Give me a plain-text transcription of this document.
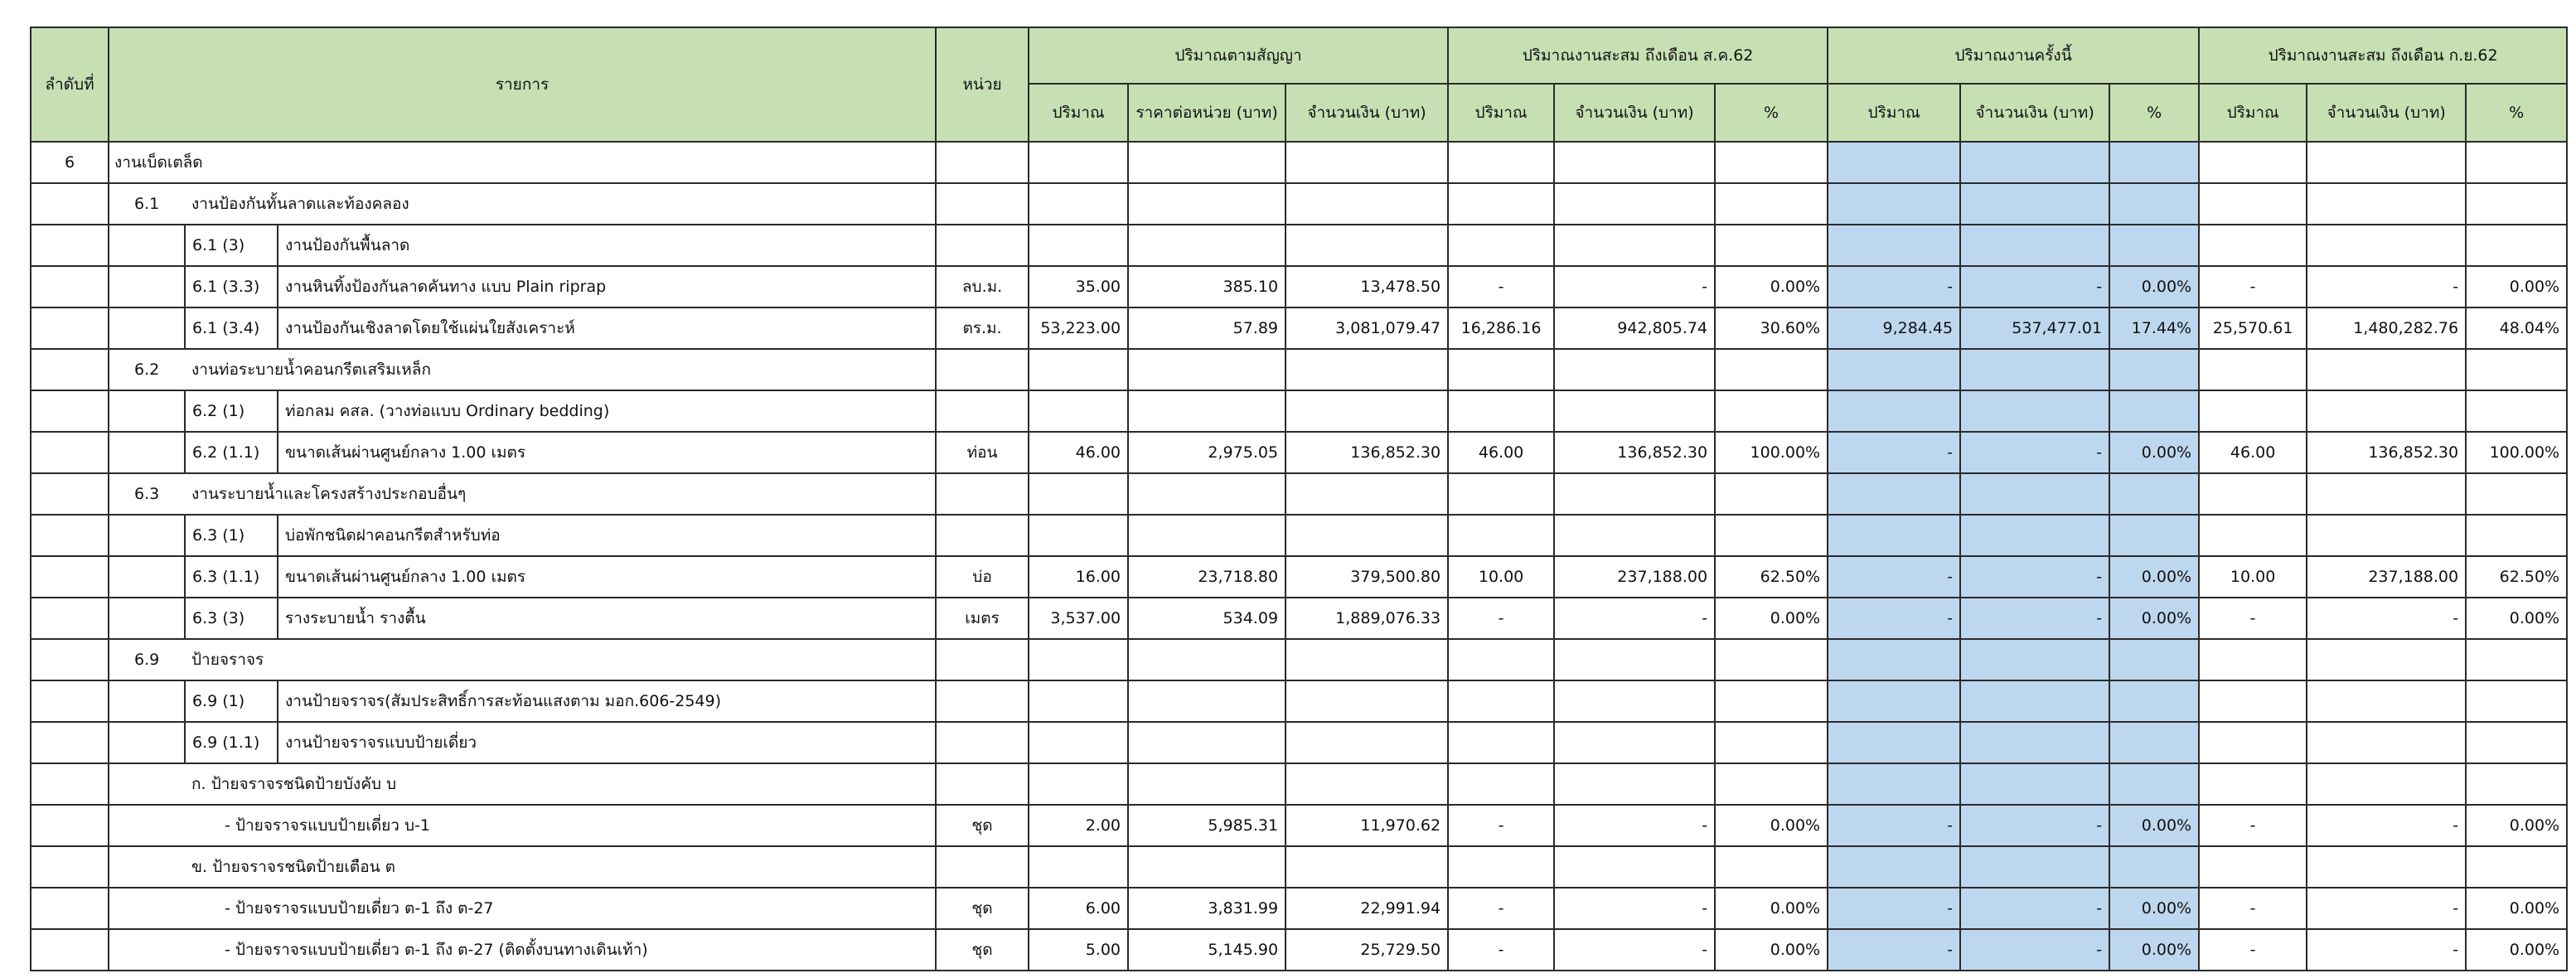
ลำดับที่	รายการ			หน่วย	ปริมาณตามสัญญา			ปริมาณงานสะสม ถึงเดือน ส.ค.62			ปริมาณงานครั้งนี้			ปริมาณงานสะสม ถึงเดือน ก.ย.62		
					ปริมาณ	ราคาต่อหน่วย (บาท)	จำนวนเงิน (บาท)	ปริมาณ	จำนวนเงิน (บาท)	%	ปริมาณ	จำนวนเงิน (บาท)	%	ปริมาณ	จำนวนเงิน (บาท)	%
6	งานเบ็ดเตล็ด															
	6.1	งานป้องกันทั้นลาดและท้องคลอง														
		6.1 (3)	งานป้องกันพื้นลาด													
		6.1 (3.3)	งานหินทิ้งป้องกันลาดคันทาง แบบ Plain riprap	ลบ.ม.	35.00	385.10	13,478.50	-	-	0.00%	-	-	0.00%	-	-	0.00%
		6.1 (3.4)	งานป้องกันเชิงลาดโดยใช้แผ่นใยสังเคราะห์	ตร.ม.	53,223.00	57.89	3,081,079.47	16,286.16	942,805.74	30.60%	9,284.45	537,477.01	17.44%	25,570.61	1,480,282.76	48.04%
	6.2	งานท่อระบายน้ำคอนกรีตเสริมเหล็ก														
		6.2 (1)	ท่อกลม คสล. (วางท่อแบบ Ordinary bedding)													
		6.2 (1.1)	ขนาดเส้นผ่านศูนย์กลาง 1.00 เมตร	ท่อน	46.00	2,975.05	136,852.30	46.00	136,852.30	100.00%	-	-	0.00%	46.00	136,852.30	100.00%
	6.3	งานระบายน้ำและโครงสร้างประกอบอื่นๆ														
		6.3 (1)	บ่อพักชนิดฝาคอนกรีตสำหรับท่อ													
		6.3 (1.1)	ขนาดเส้นผ่านศูนย์กลาง 1.00 เมตร	บ่อ	16.00	23,718.80	379,500.80	10.00	237,188.00	62.50%	-	-	0.00%	10.00	237,188.00	62.50%
		6.3 (3)	รางระบายน้ำ รางตื้น	เมตร	3,537.00	534.09	1,889,076.33	-	-	0.00%	-	-	0.00%	-	-	0.00%
	6.9	ป้ายจราจร														
		6.9 (1)	งานป้ายจราจร(สัมประสิทธิ์การสะท้อนแสงตาม มอก.606-2549)													
		6.9 (1.1)	งานป้ายจราจรแบบป้ายเดี่ยว													
		ก. ป้ายจราจรชนิดป้ายบังคับ บ														
		- ป้ายจราจรแบบป้ายเดี่ยว บ-1		ชุด	2.00	5,985.31	11,970.62	-	-	0.00%	-	-	0.00%	-	-	0.00%
		ข. ป้ายจราจรชนิดป้ายเตือน ต														
		- ป้ายจราจรแบบป้ายเดี่ยว ต-1 ถึง ต-27		ชุด	6.00	3,831.99	22,991.94	-	-	0.00%	-	-	0.00%	-	-	0.00%
		- ป้ายจราจรแบบป้ายเดี่ยว ต-1 ถึง ต-27 (ติดตั้งบนทางเดินเท้า)		ชุด	5.00	5,145.90	25,729.50	-	-	0.00%	-	-	0.00%	-	-	0.00%
